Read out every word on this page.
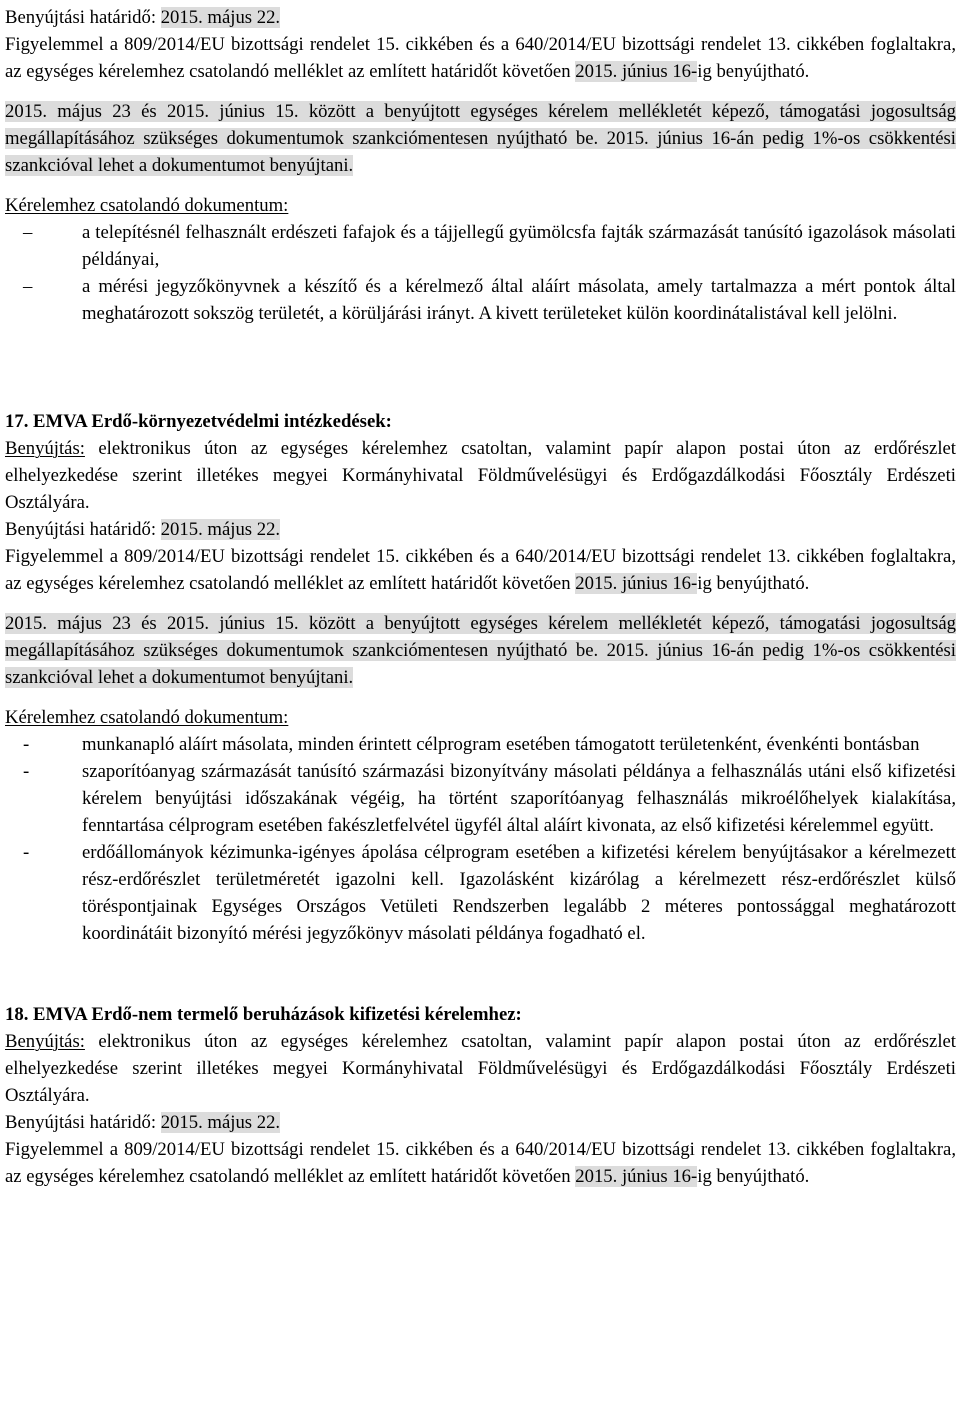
Benyújtási határidő: 2015. május 22.

Figyelemmel a 809/2014/EU bizottsági rendelet 15. cikkében és a 640/2014/EU bizottsági rendelet 13. cikkében foglaltakra, az egységes kérelemhez csatolandó melléklet az említett határidőt követően 2015. június 16-ig benyújtható.

2015. május 23 és 2015. június 15. között a benyújtott egységes kérelem mellékletét képező, támogatási jogosultság megállapításához szükséges dokumentumok szankciómentesen nyújtható be. 2015. június 16-án pedig 1%-os csökkentési szankcióval lehet a dokumentumot benyújtani.

Kérelemhez csatolandó dokumentum:

–	a telepítésnél felhasznált erdészeti fafajok és a tájjellegű gyümölcsfa fajták származását tanúsító igazolások másolati példányai,
–	a mérési jegyzőkönyvnek a készítő és a kérelmező által aláírt másolata, amely tartalmazza a mért pontok által meghatározott sokszög területét, a körüljárási irányt. A kivett területeket külön koordinátalistával kell jelölni.

17. EMVA Erdő-környezetvédelmi intézkedések:

Benyújtás: elektronikus úton az egységes kérelemhez csatoltan, valamint papír alapon postai úton az erdőrészlet elhelyezkedése szerint illetékes megyei Kormányhivatal Földművelésügyi és Erdőgazdálkodási Főosztály Erdészeti Osztályára.

Benyújtási határidő: 2015. május 22.

Figyelemmel a 809/2014/EU bizottsági rendelet 15. cikkében és a 640/2014/EU bizottsági rendelet 13. cikkében foglaltakra, az egységes kérelemhez csatolandó melléklet az említett határidőt követően 2015. június 16-ig benyújtható.

2015. május 23 és 2015. június 15. között a benyújtott egységes kérelem mellékletét képező, támogatási jogosultság megállapításához szükséges dokumentumok szankciómentesen nyújtható be. 2015. június 16-án pedig 1%-os csökkentési szankcióval lehet a dokumentumot benyújtani.

Kérelemhez csatolandó dokumentum:

-	munkanapló aláírt másolata, minden érintett célprogram esetében támogatott területenként, évenkénti bontásban
-	szaporítóanyag származását tanúsító származási bizonyítvány másolati példánya a felhasználás utáni első kifizetési kérelem benyújtási időszakának végéig, ha történt szaporítóanyag felhasználás mikroélőhelyek kialakítása, fenntartása célprogram esetében fakészletfelvétel ügyfél által aláírt kivonata, az első kifizetési kérelemmel együtt.
-	erdőállományok kézimunka-igényes ápolása célprogram esetében a kifizetési kérelem benyújtásakor a kérelmezett rész-erdőrészlet területméretét igazolni kell. Igazolásként kizárólag a kérelmezett rész-erdőrészlet külső töréspontjainak Egységes Országos Vetületi Rendszerben legalább 2 méteres pontossággal meghatározott koordinátáit bizonyító mérési jegyzőkönyv másolati példánya fogadható el.

18. EMVA Erdő-nem termelő beruházások kifizetési kérelemhez:

Benyújtás: elektronikus úton az egységes kérelemhez csatoltan, valamint papír alapon postai úton az erdőrészlet elhelyezkedése szerint illetékes megyei Kormányhivatal Földművelésügyi és Erdőgazdálkodási Főosztály Erdészeti Osztályára.

Benyújtási határidő: 2015. május 22.

Figyelemmel a 809/2014/EU bizottsági rendelet 15. cikkében és a 640/2014/EU bizottsági rendelet 13. cikkében foglaltakra, az egységes kérelemhez csatolandó melléklet az említett határidőt követően 2015. június 16-ig benyújtható.
